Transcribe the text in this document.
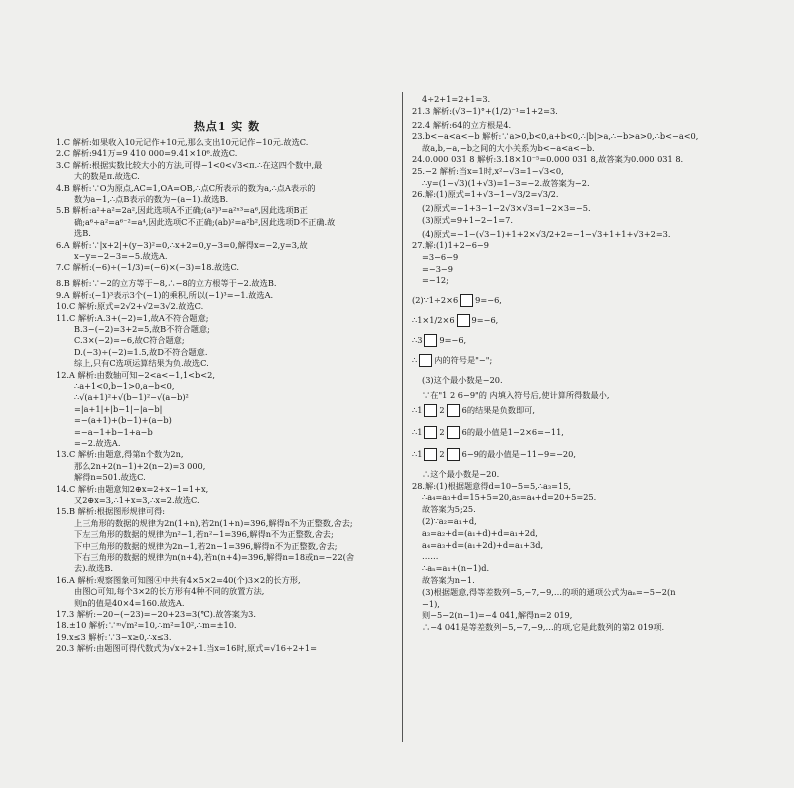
热点1 实 数
1.C 解析:如果收入10元记作+10元,那么支出10元记作−10元.故选C.
2.C 解析:941万=9 410 000=9.41×10⁶.故选C.
3.C 解析:根据实数比较大小的方法,可得−1<0<√3<π.∴在这四个数中,最
大的数是π.故选C.
4.B 解析:∵O为原点,AC=1,OA=OB,∴点C所表示的数为a,∴点A表示的
数为a−1,∴点B表示的数为−(a−1).故选B.
5.B 解析:a²+a²=2a²,因此选项A不正确;(a²)³=a²ˣ³=a⁶,因此选项B正
确;a⁶÷a²=a⁶⁻²=a⁴,因此选项C不正确;(ab)²=a²b²,因此选项D不正确.故
选B.
6.A 解析:∵|x+2|+(y−3)²=0,∴x+2=0,y−3=0,解得x=−2,y=3,故
x−y=−2−3=−5.故选A.
7.C 解析:(−6)÷(−1/3)=(−6)×(−3)=18.故选C.
8.B 解析:∵−2的立方等于−8,∴−8的立方根等于−2.故选B.
9.A 解析:(−1)³表示3个(−1)的乘积,所以(−1)³=−1.故选A.
10.C 解析:原式=2√2+√2=3√2.故选C.
11.C 解析:A.3+(−2)=1,故A不符合题意;
B.3−(−2)=3+2=5,故B不符合题意;
C.3×(−2)=−6,故C符合题意;
D.(−3)÷(−2)=1.5,故D不符合题意.
综上,只有C选项运算结果为负.故选C.
12.A 解析:由数轴可知−2<a<−1,1<b<2,
∴a+1<0,b−1>0,a−b<0,
∴√(a+1)²+√(b−1)²−√(a−b)²
=|a+1|+|b−1|−|a−b|
=−(a+1)+(b−1)+(a−b)
=−a−1+b−1+a−b
=−2.故选A.
13.C 解析:由题意,得第n个数为2n,
那么2n+2(n−1)+2(n−2)=3 000,
解得n=501.故选C.
14.C 解析:由题意知2⊕x=2+x−1=1+x,
又2⊕x=3,∴1+x=3,∴x=2.故选C.
15.B 解析:根据图形规律可得:
上三角形的数据的规律为2n(1+n),若2n(1+n)=396,解得n不为正整数,舍去;
下左三角形的数据的规律为n²−1,若n²−1=396,解得n不为正整数,舍去;
下中三角形的数据的规律为2n−1,若2n−1=396,解得n不为正整数,舍去;
下右三角形的数据的规律为n(n+4),若n(n+4)=396,解得n=18或n=−22(舍
去).故选B.
16.A 解析:观察图象可知图④中共有4×5×2=40(个)3×2的长方形,
由图○可知,每个3×2的长方形有4种不同的放置方法,
则n的值是40×4=160.故选A.
17.3 解析:−20−(−23)=−20+23=3(℃).故答案为3.
18.±10 解析:∵ᵐ√m²=10,∴m²=10²,∴m=±10.
19.x≤3 解析:∵3−x≥0,∴x≤3.
20.3 解析:由题图可得代数式为√x÷2+1.当x=16时,原式=√16÷2+1=
4÷2+1=2+1=3.
21.3 解析:(√3−1)°+(1/2)⁻¹=1+2=3.
22.4 解析:64的立方根是4.
23.b<−a<a<−b 解析:∵a>0,b<0,a+b<0,∴|b|>a,∴−b>a>0,∴b<−a<0,
故a,b,−a,−b之间的大小关系为b<−a<a<−b.
24.0.000 031 8 解析:3.18×10⁻⁵=0.000 031 8,故答案为0.000 031 8.
25.−2 解析:当x=1时,x²−√3=1−√3<0,
∴y=(1−√3)(1+√3)=1−3=−2.故答案为−2.
26.解:(1)原式=1+√3−1−√3/2=√3/2.
(2)原式=−1+3−1−2√3×√3=1−2×3=−5.
(3)原式=9+1−2−1=7.
(4)原式=−1−(√3−1)+1+2×√3/2+2=−1−√3+1+1+√3+2=3.
27.解:(1)1+2−6−9
=3−6−9
=−3−9
=−12;
(2)∵1÷2×6 9=−6,
∴1×1/2×6 9=−6,
∴3 9=−6,
∴ 内的符号是"−";
(3)这个最小数是−20.
∵在"1 2 6−9"的 内填入符号后,使计算所得数最小,
∴1 2 6的结果是负数即可,
∴1 2 6的最小值是1−2×6=−11,
∴1 2 6−9的最小值是−11−9=−20,
∴这个最小数是−20.
28.解:(1)根据题意得d=10−5=5,∴a₃=15,
∴a₄=a₃+d=15+5=20,a₅=a₄+d=20+5=25.
故答案为5;25.
(2)∵a₂=a₁+d,
a₃=a₂+d=(a₁+d)+d=a₁+2d,
a₄=a₃+d=(a₁+2d)+d=a₁+3d,
……
∴aₙ=a₁+(n−1)d.
故答案为n−1.
(3)根据题意,得等差数列−5,−7,−9,…的项的通项公式为aₙ=−5−2(n
−1),
则−5−2(n−1)=−4 041,解得n=2 019,
∴−4 041是等差数列−5,−7,−9,…的项,它是此数列的第2 019项.
